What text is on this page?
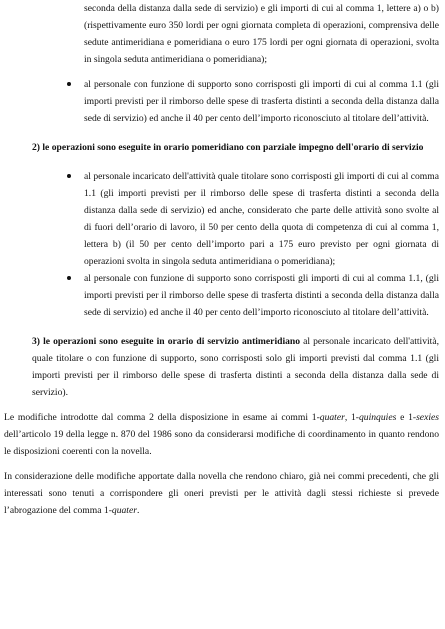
seconda della distanza dalla sede di servizio) e gli importi di cui al comma 1, lettere a) o b) (rispettivamente euro 350 lordi per ogni giornata completa di operazioni, comprensiva delle sedute antimeridiana e pomeridiana o euro 175 lordi per ogni giornata di operazioni, svolta in singola seduta antimeridiana o pomeridiana);

al personale con funzione di supporto sono corrisposti gli importi di cui al comma 1.1 (gli importi previsti per il rimborso delle spese di trasferta distinti a seconda della distanza dalla sede di servizio) ed anche il 40 per cento dell’importo riconosciuto al titolare dell’attività.

2) le operazioni sono eseguite in orario pomeridiano con parziale impegno dell'orario di servizio

al personale incaricato dell'attività quale titolare sono corrisposti gli importi di cui al comma 1.1 (gli importi previsti per il rimborso delle spese di trasferta distinti a seconda della distanza dalla sede di servizio) ed anche, considerato che parte delle attività sono svolte al di fuori dell’orario di lavoro, il 50 per cento della quota di competenza di cui al comma 1, lettera b) (il 50 per cento dell’importo pari a 175 euro previsto per ogni giornata di operazioni svolta in singola seduta antimeridiana o pomeridiana);
al personale con funzione di supporto sono corrisposti gli importi di cui al comma 1.1, (gli importi previsti per il rimborso delle spese di trasferta distinti a seconda della distanza dalla sede di servizio) ed anche il 40 per cento dell’importo riconosciuto al titolare dell’attività.

3) le operazioni sono eseguite in orario di servizio antimeridiano al personale incaricato dell'attività, quale titolare o con funzione di supporto, sono corrisposti solo gli importi previsti dal comma 1.1 (gli importi previsti per il rimborso delle spese di trasferta distinti a seconda della distanza dalla sede di servizio).

Le modifiche introdotte dal comma 2 della disposizione in esame ai commi 1-quater, 1-quinquies e 1-sexies dell’articolo 19 della legge n. 870 del 1986 sono da considerarsi modifiche di coordinamento in quanto rendono le disposizioni coerenti con la novella.

In considerazione delle modifiche apportate dalla novella che rendono chiaro, già nei commi precedenti, che gli interessati sono tenuti a corrispondere gli oneri previsti per le attività dagli stessi richieste si prevede l’abrogazione del comma 1-quater.
